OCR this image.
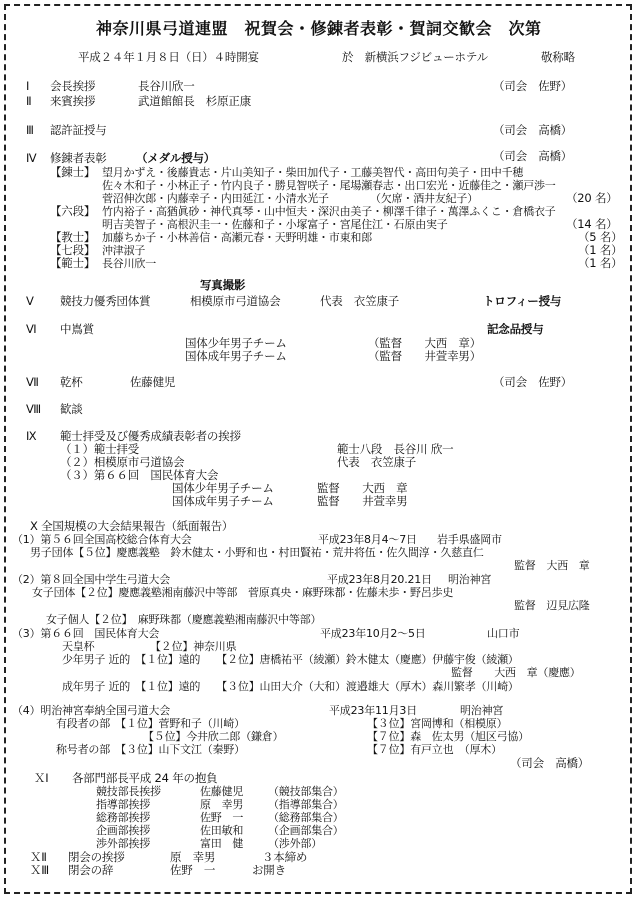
神奈川県弓道連盟　祝賀会・修錬者表彰・賀詞交歓会　次第
平成２４年１月８日（日）４時開宴	於　新横浜フジビューホテル	敬称略
Ⅰ 会長挨拶	長谷川欣一	（司会　佐野）
Ⅱ 来賓挨拶	武道館館長　杉原正康
Ⅲ 認許証授与	（司会　高橋）
Ⅳ 修錬者表彰	（メダル授与）	（司会　高橋）
【錬士】 望月かずえ・後藤貴志・片山美知子・柴田加代子・工藤美智代・高田句美子・田中千穂
佐々木和子・小林正子・竹内良子・勝見智咲子・尾場瀬春志・出口宏光・近藤佳之・瀬戸渉一
菅沼伸次郎・内藤幸子・内田延江・小清水光子	（欠席・酒井友紀子）	（20 名）
【六段】 竹内裕子・高猶眞砂・神代真琴・山中恒夫・深沢由美子・柳澤千律子・萬澤ふくこ・倉橋衣子
明吉美智子・高根沢圭一・佐藤和子・小塚富子・宮尾住江・石原由実子	（14 名）
【教士】 加藤ちか子・小林善信・高瀬元春・天野明雄・市東和郎	（5 名）
【七段】 沖津淑子	（1 名）
【範士】 長谷川欣一	（1 名）
写真撮影
Ⅴ 競技力優秀団体賞	相模原市弓道協会	代表　衣笠康子	トロフィー授与
Ⅵ 中嶌賞	記念品授与
国体少年男子チーム	（監督　　大西　章）
国体成年男子チーム	（監督　　井萱幸男）
Ⅶ 乾杯	佐藤健児	（司会　佐野）
Ⅷ 歓談
Ⅸ 範士拝受及び優秀成績表彰者の挨拶
（１）範士拝受	範士八段　長谷川 欣一
（２）相模原市弓道協会	代表　衣笠康子
（３）第６６回　国民体育大会
国体少年男子チーム	監督　　大西　章
国体成年男子チーム	監督　　井萱幸男
Ⅹ 全国規模の大会結果報告（紙面報告）
（1）第５６回全国高校総合体育大会	平成23年8月4〜7日 岩手県盛岡市
男子団体【５位】慶應義塾　鈴木健太・小野和也・村田賢祐・荒井将伍・佐久間淳・久慈直仁
監督　大西　章
（2）第８回全国中学生弓道大会	平成23年8月20.21日 明治神宮
女子団体【２位】慶應義塾湘南藤沢中等部　菅原真央・麻野珠都・佐藤未歩・野呂歩史
監督　辺見広隆
女子個人【２位】　麻野珠都（慶應義塾湘南藤沢中等部）
（3）第６６回　国民体育大会	平成23年10月2〜5日	山口市
天皇杯	【２位】神奈川県
少年男子 近的　【１位】遠的　　【２位】唐橋祐平（綾瀬）鈴木健太（慶應）伊藤宇俊（綾瀬）
監督　　大西　章（慶應）
成年男子 近的　【１位】遠的　　【３位】山田大介（大和）渡邉雄大（厚木）森川繁孝（川崎）
（4）明治神宮奉納全国弓道大会	平成23年11月3日	明治神宮
有段者の部　【１位】菅野和子（川崎）	【３位】宮岡博和（相模原）
【５位】今井欣二郎（鎌倉）	【７位】森　佐太男（旭区弓協）
称号者の部　【３位】山下文江（秦野）	【７位】有戸立也　（厚木）
（司会　高橋）
ＸⅠ 各部門部長平成 24 年の抱負
競技部長挨拶	佐藤健児 （競技部集合）
指導部挨拶	原　幸男 （指導部集合）
総務部挨拶	佐野　一 （総務部集合）
企画部挨拶	佐田敏和 （企画部集合）
渉外部挨拶	富田　健 （渉外部）
ＸⅡ 閉会の挨拶	原　幸男	３本締め
ＸⅢ 閉会の辞	佐野　一	お開き
